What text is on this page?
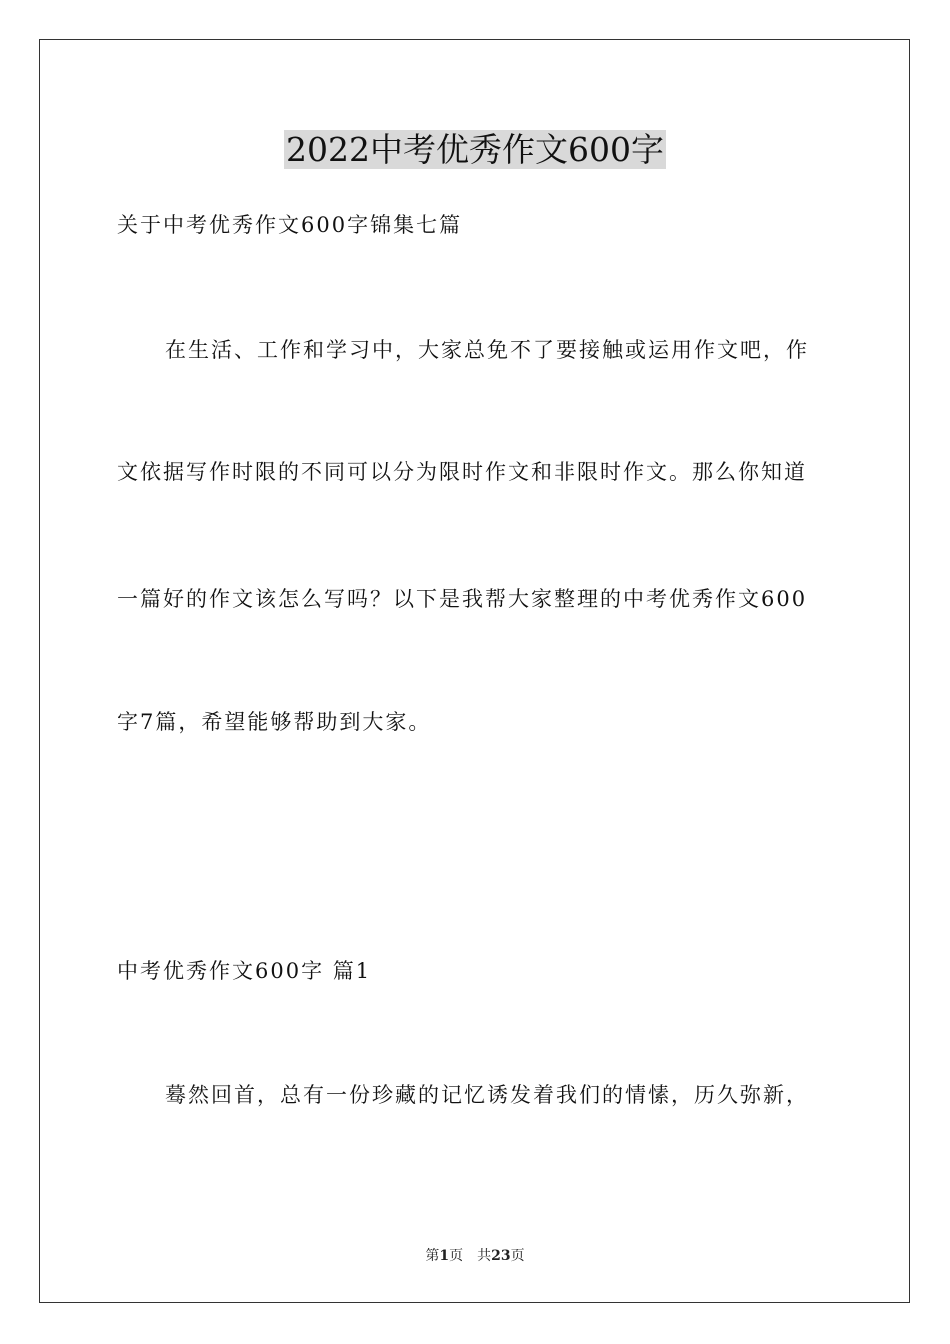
2022中考优秀作文600字
关于中考优秀作文600字锦集七篇
在生活、工作和学习中，大家总免不了要接触或运用作文吧，作
文依据写作时限的不同可以分为限时作文和非限时作文。那么你知道
一篇好的作文该怎么写吗？以下是我帮大家整理的中考优秀作文600
字7篇，希望能够帮助到大家。
中考优秀作文600字 篇1
蓦然回首，总有一份珍藏的记忆诱发着我们的情愫，历久弥新，
第1页 共23页
